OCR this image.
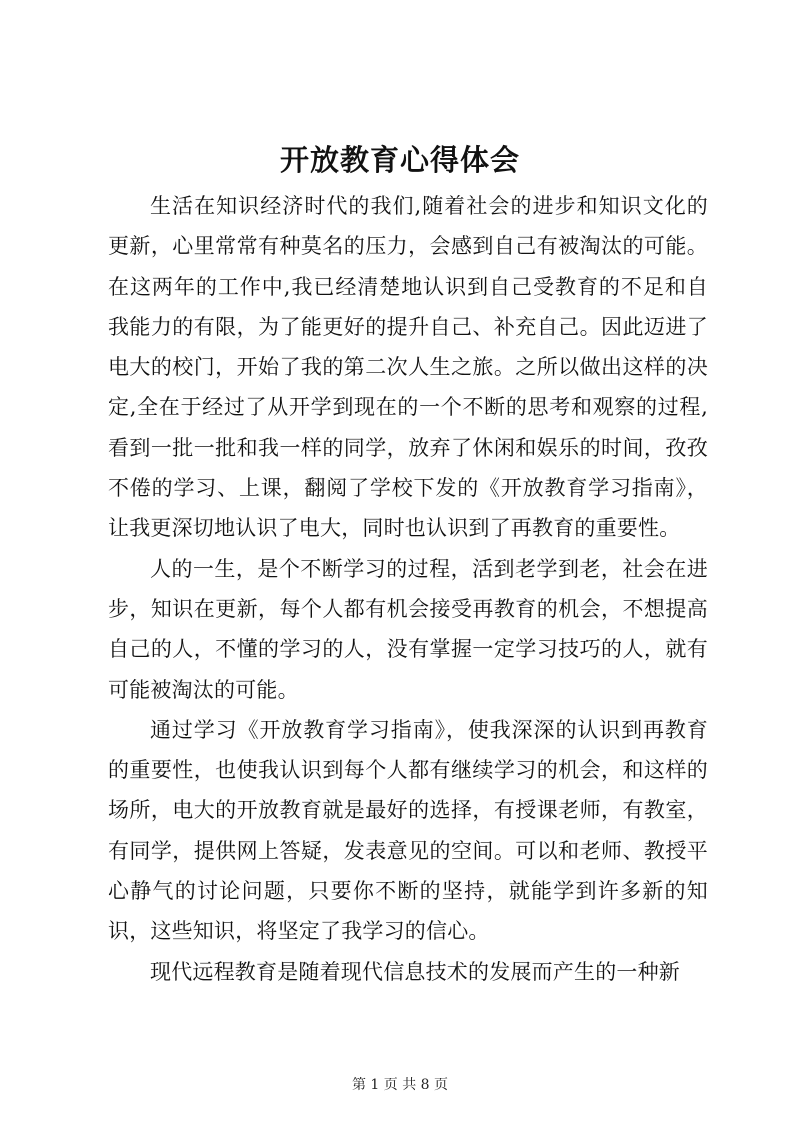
开放教育心得体会

生活在知识经济时代的我们,随着社会的进步和知识文化的更新，心里常常有种莫名的压力，会感到自己有被淘汰的可能。在这两年的工作中,我已经清楚地认识到自己受教育的不足和自我能力的有限，为了能更好的提升自己、补充自己。因此迈进了电大的校门，开始了我的第二次人生之旅。之所以做出这样的决定,全在于经过了从开学到现在的一个不断的思考和观察的过程,看到一批一批和我一样的同学，放弃了休闲和娱乐的时间，孜孜不倦的学习、上课，翻阅了学校下发的《开放教育学习指南》，让我更深切地认识了电大，同时也认识到了再教育的重要性。

人的一生，是个不断学习的过程，活到老学到老，社会在进步，知识在更新，每个人都有机会接受再教育的机会，不想提高自己的人，不懂的学习的人，没有掌握一定学习技巧的人，就有可能被淘汰的可能。

通过学习《开放教育学习指南》，使我深深的认识到再教育的重要性，也使我认识到每个人都有继续学习的机会，和这样的场所，电大的开放教育就是最好的选择，有授课老师，有教室，有同学，提供网上答疑，发表意见的空间。可以和老师、教授平心静气的讨论问题，只要你不断的坚持，就能学到许多新的知识，这些知识，将坚定了我学习的信心。

现代远程教育是随着现代信息技术的发展而产生的一种新

第 1 页 共 8 页
